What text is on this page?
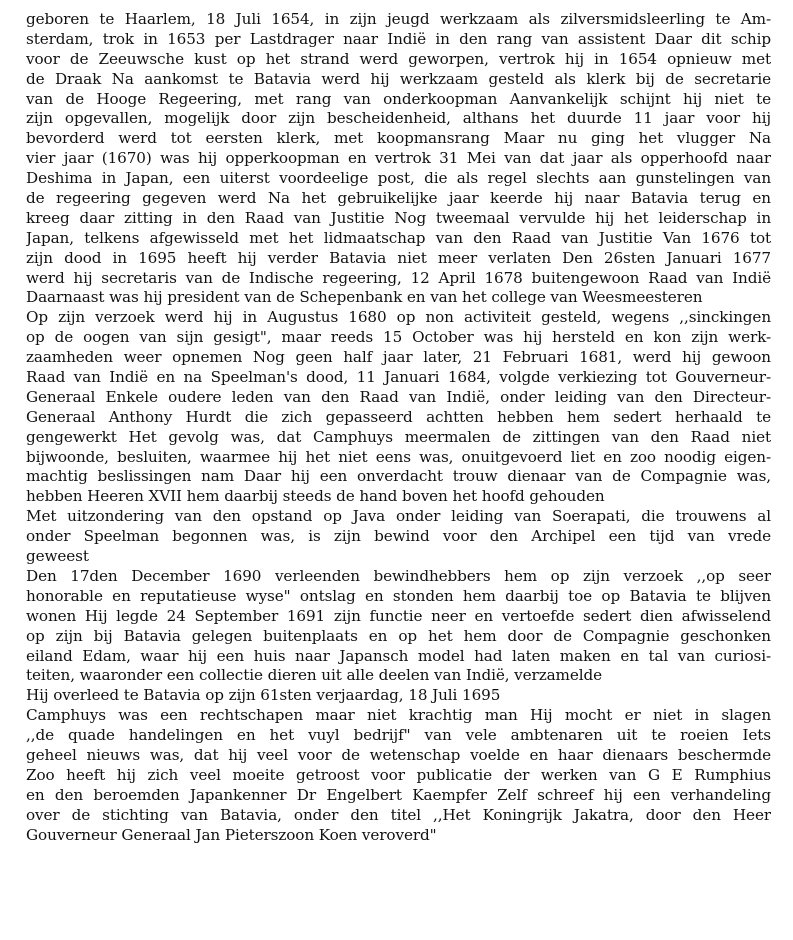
geboren te Haarlem, 18 Juli 1654, in zijn jeugd werkzaam als zilversmidsleerling te Am-
sterdam, trok in 1653 per Lastdrager naar Indië in den rang van assistent Daar dit schip
voor de Zeeuwsche kust op het strand werd geworpen, vertrok hij in 1654 opnieuw met
de Draak Na aankomst te Batavia werd hij werkzaam gesteld als klerk bij de secretarie
van de Hooge Regeering, met rang van onderkoopman Aanvankelijk schijnt hij niet te
zijn opgevallen, mogelijk door zijn bescheidenheid, althans het duurde 11 jaar voor hij
bevorderd werd tot eersten klerk, met koopmansrang Maar nu ging het vlugger Na
vier jaar (1670) was hij opperkoopman en vertrok 31 Mei van dat jaar als opperhoofd naar
Deshima in Japan, een uiterst voordeelige post, die als regel slechts aan gunstelingen van
de regeering gegeven werd Na het gebruikelijke jaar keerde hij naar Batavia terug en
kreeg daar zitting in den Raad van Justitie Nog tweemaal vervulde hij het leiderschap in
Japan, telkens afgewisseld met het lidmaatschap van den Raad van Justitie Van 1676 tot
zijn dood in 1695 heeft hij verder Batavia niet meer verlaten Den 26sten Januari 1677
werd hij secretaris van de Indische regeering, 12 April 1678 buitengewoon Raad van Indië
Daarnaast was hij president van de Schepenbank en van het college van Weesmeesteren
Op zijn verzoek werd hij in Augustus 1680 op non activiteit gesteld, wegens ,,sinckingen
op de oogen van sijn gesigt", maar reeds 15 October was hij hersteld en kon zijn werk-
zaamheden weer opnemen Nog geen half jaar later, 21 Februari 1681, werd hij gewoon
Raad van Indië en na Speelman's dood, 11 Januari 1684, volgde verkiezing tot Gouverneur-
Generaal Enkele oudere leden van den Raad van Indië, onder leiding van den Directeur-
Generaal Anthony Hurdt die zich gepasseerd achtten hebben hem sedert herhaald te
gengewerkt Het gevolg was, dat Camphuys meermalen de zittingen van den Raad niet
bijwoonde, besluiten, waarmee hij het niet eens was, onuitgevoerd liet en zoo noodig eigen-
machtig beslissingen nam Daar hij een onverdacht trouw dienaar van de Compagnie was,
hebben Heeren XVII hem daarbij steeds de hand boven het hoofd gehouden
Met uitzondering van den opstand op Java onder leiding van Soerapati, die trouwens al
onder Speelman begonnen was, is zijn bewind voor den Archipel een tijd van vrede
geweest
Den 17den December 1690 verleenden bewindhebbers hem op zijn verzoek ,,op seer
honorable en reputatieuse wyse" ontslag en stonden hem daarbij toe op Batavia te blijven
wonen Hij legde 24 September 1691 zijn functie neer en vertoefde sedert dien afwisselend
op zijn bij Batavia gelegen buitenplaats en op het hem door de Compagnie geschonken
eiland Edam, waar hij een huis naar Japansch model had laten maken en tal van curiosi-
teiten, waaronder een collectie dieren uit alle deelen van Indië, verzamelde
Hij overleed te Batavia op zijn 61sten verjaardag, 18 Juli 1695
Camphuys was een rechtschapen maar niet krachtig man Hij mocht er niet in slagen
,,de quade handelingen en het vuyl bedrijf" van vele ambtenaren uit te roeien Iets
geheel nieuws was, dat hij veel voor de wetenschap voelde en haar dienaars beschermde
Zoo heeft hij zich veel moeite getroost voor publicatie der werken van G E Rumphius
en den beroemden Japankenner Dr Engelbert Kaempfer Zelf schreef hij een verhandeling
over de stichting van Batavia, onder den titel ,,Het Koningrijk Jakatra, door den Heer
Gouverneur Generaal Jan Pieterszoon Koen veroverd"
